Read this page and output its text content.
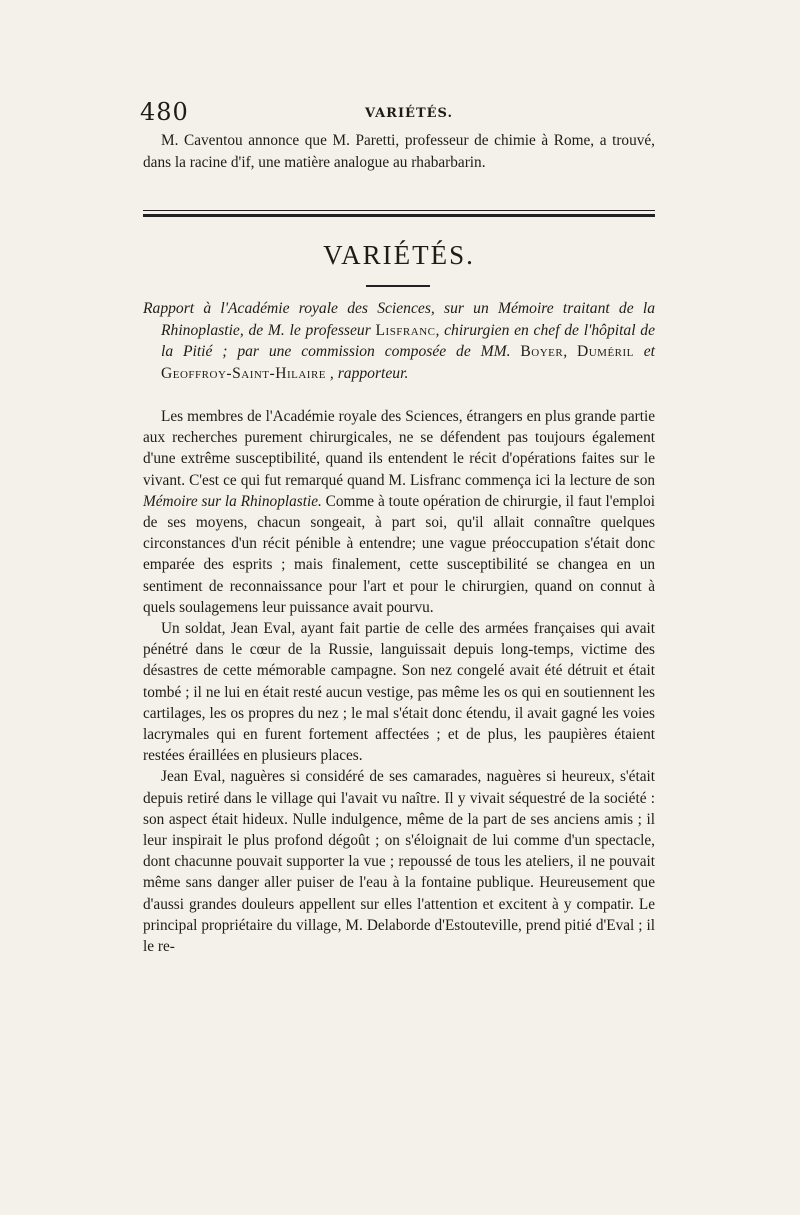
480	VARIÉTÉS.
M. Caventou annonce que M. Paretti, professeur de chimie à Rome, a trouvé, dans la racine d'if, une matière analogue au rhabarbarin.
VARIÉTÉS.
Rapport à l'Académie royale des Sciences, sur un Mémoire traitant de la Rhinoplastie, de M. le professeur Lisfranc, chirurgien en chef de l'hôpital de la Pitié ; par une commission composée de MM. Boyer, Duméril et Geoffroy-Saint-Hilaire , rapporteur.

Les membres de l'Académie royale des Sciences, étrangers en plus grande partie aux recherches purement chirurgicales, ne se défendent pas toujours également d'une extrême susceptibilité, quand ils entendent le récit d'opérations faites sur le vivant. C'est ce qui fut remarqué quand M. Lisfranc commença ici la lecture de son Mémoire sur la Rhinoplastie. Comme à toute opération de chirurgie, il faut l'emploi de ses moyens, chacun songeait, à part soi, qu'il allait connaître quelques circonstances d'un récit pénible à entendre; une vague préoccupation s'était donc emparée des esprits ; mais finalement, cette susceptibilité se changea en un sentiment de reconnaissance pour l'art et pour le chirurgien, quand on connut à quels soulagemens leur puissance avait pourvu.

Un soldat, Jean Eval, ayant fait partie de celle des armées françaises qui avait pénétré dans le cœur de la Russie, languissait depuis long-temps, victime des désastres de cette mémorable campagne. Son nez congelé avait été détruit et était tombé ; il ne lui en était resté aucun vestige, pas même les os qui en soutiennent les cartilages, les os propres du nez ; le mal s'était donc étendu, il avait gagné les voies lacrymales qui en furent fortement affectées ; et de plus, les paupières étaient restées éraillées en plusieurs places.

Jean Eval, naguères si considéré de ses camarades, naguères si heureux, s'était depuis retiré dans le village qui l'avait vu naître. Il y vivait séquestré de la société : son aspect était hideux. Nulle indulgence, même de la part de ses anciens amis ; il leur inspirait le plus profond dégoût ; on s'éloignait de lui comme d'un spectacle, dont chacunne pouvait supporter la vue ; repoussé de tous les ateliers, il ne pouvait même sans danger aller puiser de l'eau à la fontaine publique. Heureusement que d'aussi grandes douleurs appellent sur elles l'attention et excitent à y compatir. Le principal propriétaire du village, M. Delaborde d'Estouteville, prend pitié d'Eval ; il le re-
